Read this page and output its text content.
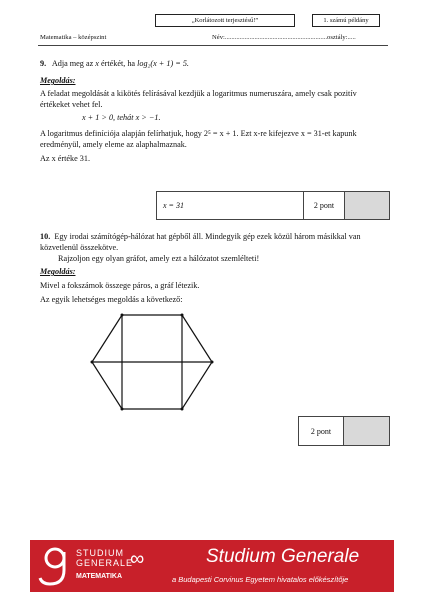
„Korlátozott terjesztésű!”	1. számú példány
Matematika – középszint	Név:..............................................................osztály:.....
9. Adja meg az x értékét, ha log₂(x + 1) = 5.
Megoldás:
A feladat megoldását a kikötés felírásával kezdjük a logaritmus numeruszára, amely csak pozitív értékeket vehet fel.
x + 1 > 0, tehát x > −1.
A logaritmus definíciója alapján felírhatjuk, hogy 2⁵ = x + 1. Ezt x-re kifejezve x = 31-et kapunk eredményül, amely eleme az alaphalmaznak.
Az x értéke 31.
x = 31	2 pont
10. Egy irodai számítógép-hálózat hat gépből áll. Mindegyik gép ezek közül három másikkal van közvetlenül összekötve.
Rajzoljon egy olyan gráfot, amely ezt a hálózatot szemlélteti!
Megoldás:
Mivel a fokszámok összege páros, a gráf létezik.
Az egyik lehetséges megoldás a következő:
2 pont
STUDIUM
GENERALE
∞
MATEMATIKA
Studium Generale
a Budapesti Corvinus Egyetem hivatalos előkészítője
